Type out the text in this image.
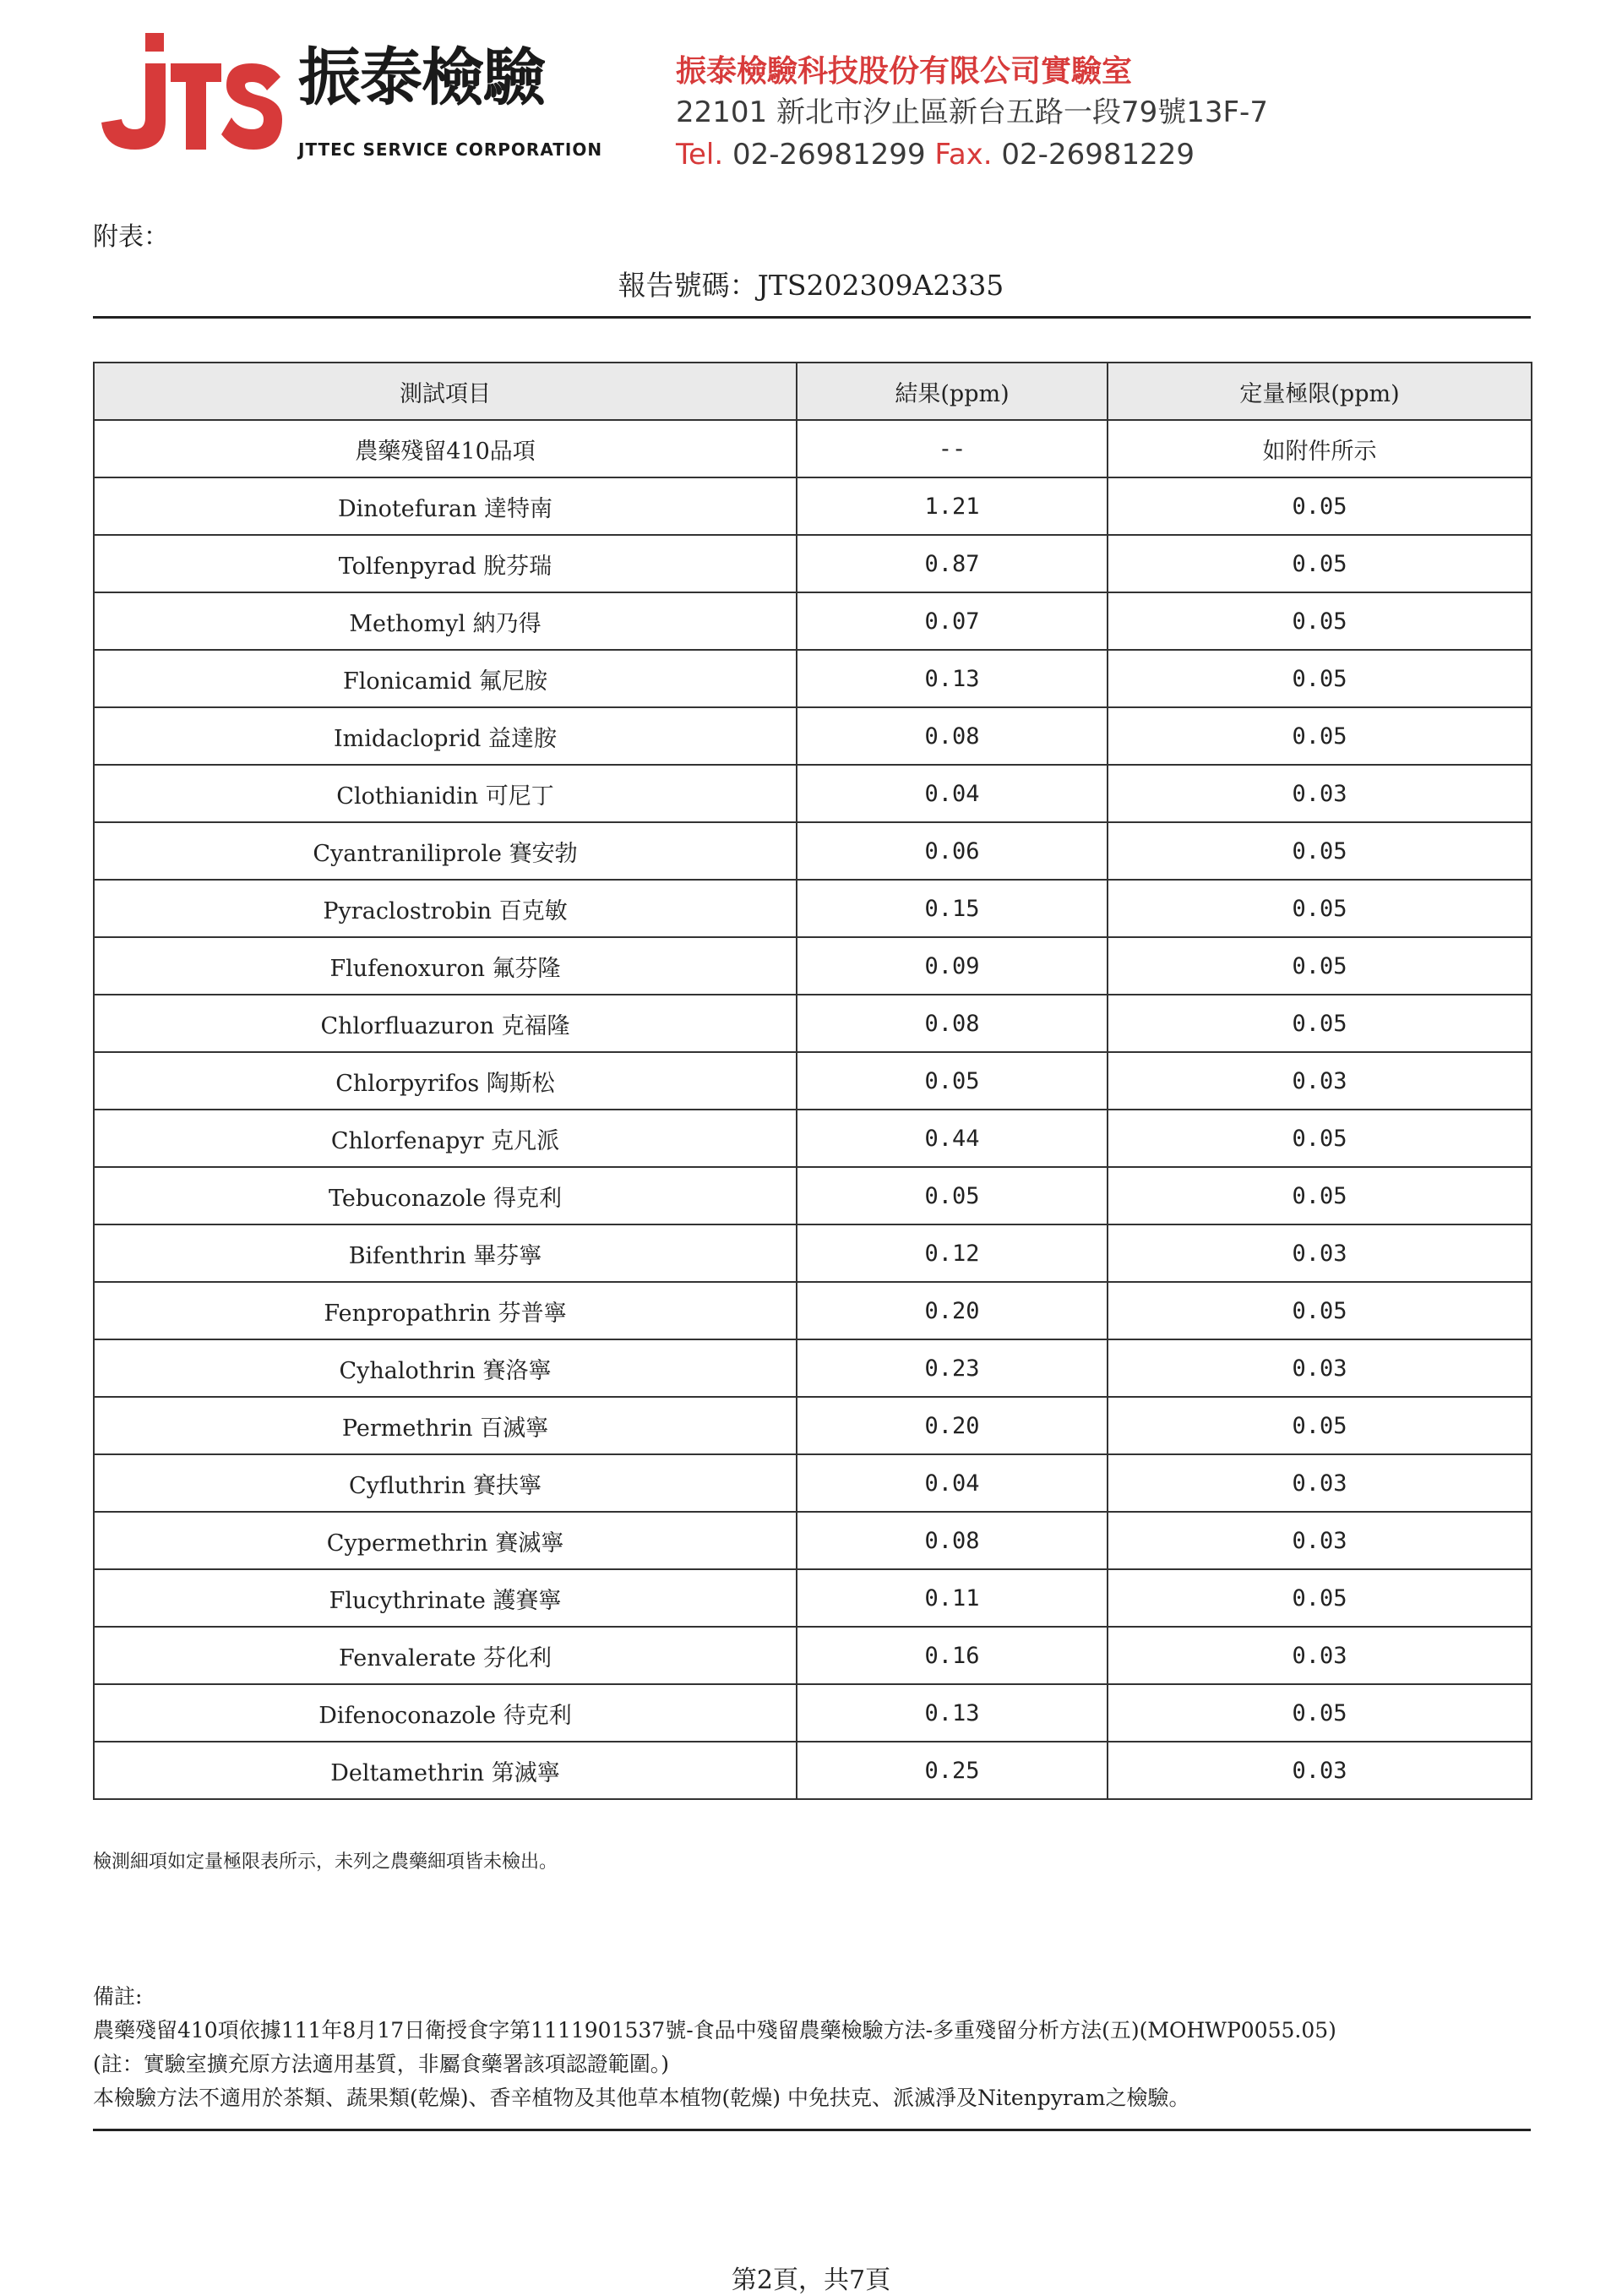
振泰檢驗
JTTEC SERVICE CORPORATION
振泰檢驗科技股份有限公司實驗室
22101 新北市汐止區新台五路一段79號13F-7
Tel. 02-26981299 Fax. 02-26981229
附表：
報告號碼：JTS202309A2335
測試項目	結果(ppm)	定量極限(ppm)
農藥殘留410品項	--	如附件所示
Dinotefuran 達特南	1.21	0.05
Tolfenpyrad 脫芬瑞	0.87	0.05
Methomyl 納乃得	0.07	0.05
Flonicamid 氟尼胺	0.13	0.05
Imidacloprid 益達胺	0.08	0.05
Clothianidin 可尼丁	0.04	0.03
Cyantraniliprole 賽安勃	0.06	0.05
Pyraclostrobin 百克敏	0.15	0.05
Flufenoxuron 氟芬隆	0.09	0.05
Chlorfluazuron 克福隆	0.08	0.05
Chlorpyrifos 陶斯松	0.05	0.03
Chlorfenapyr 克凡派	0.44	0.05
Tebuconazole 得克利	0.05	0.05
Bifenthrin 畢芬寧	0.12	0.03
Fenpropathrin 芬普寧	0.20	0.05
Cyhalothrin 賽洛寧	0.23	0.03
Permethrin 百滅寧	0.20	0.05
Cyfluthrin 賽扶寧	0.04	0.03
Cypermethrin 賽滅寧	0.08	0.03
Flucythrinate 護賽寧	0.11	0.05
Fenvalerate 芬化利	0.16	0.03
Difenoconazole 待克利	0.13	0.05
Deltamethrin 第滅寧	0.25	0.03
檢測細項如定量極限表所示，未列之農藥細項皆未檢出。
備註:
農藥殘留410項依據111年8月17日衛授食字第1111901537號-食品中殘留農藥檢驗方法-多重殘留分析方法(五)(MOHWP0055.05)
(註：實驗室擴充原方法適用基質，非屬食藥署該項認證範圍。)
本檢驗方法不適用於茶類、蔬果類(乾燥)、香辛植物及其他草本植物(乾燥) 中免扶克、派滅淨及Nitenpyram之檢驗。
第2頁，共7頁
